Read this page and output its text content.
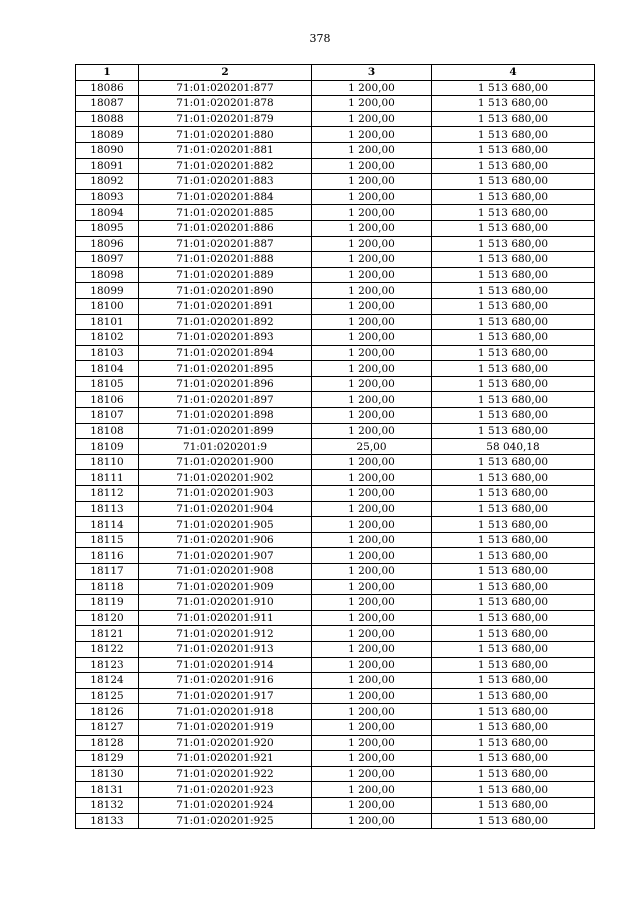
378
1	2	3	4
18086	71:01:020201:877	1 200,00	1 513 680,00
18087	71:01:020201:878	1 200,00	1 513 680,00
18088	71:01:020201:879	1 200,00	1 513 680,00
18089	71:01:020201:880	1 200,00	1 513 680,00
18090	71:01:020201:881	1 200,00	1 513 680,00
18091	71:01:020201:882	1 200,00	1 513 680,00
18092	71:01:020201:883	1 200,00	1 513 680,00
18093	71:01:020201:884	1 200,00	1 513 680,00
18094	71:01:020201:885	1 200,00	1 513 680,00
18095	71:01:020201:886	1 200,00	1 513 680,00
18096	71:01:020201:887	1 200,00	1 513 680,00
18097	71:01:020201:888	1 200,00	1 513 680,00
18098	71:01:020201:889	1 200,00	1 513 680,00
18099	71:01:020201:890	1 200,00	1 513 680,00
18100	71:01:020201:891	1 200,00	1 513 680,00
18101	71:01:020201:892	1 200,00	1 513 680,00
18102	71:01:020201:893	1 200,00	1 513 680,00
18103	71:01:020201:894	1 200,00	1 513 680,00
18104	71:01:020201:895	1 200,00	1 513 680,00
18105	71:01:020201:896	1 200,00	1 513 680,00
18106	71:01:020201:897	1 200,00	1 513 680,00
18107	71:01:020201:898	1 200,00	1 513 680,00
18108	71:01:020201:899	1 200,00	1 513 680,00
18109	71:01:020201:9	25,00	58 040,18
18110	71:01:020201:900	1 200,00	1 513 680,00
18111	71:01:020201:902	1 200,00	1 513 680,00
18112	71:01:020201:903	1 200,00	1 513 680,00
18113	71:01:020201:904	1 200,00	1 513 680,00
18114	71:01:020201:905	1 200,00	1 513 680,00
18115	71:01:020201:906	1 200,00	1 513 680,00
18116	71:01:020201:907	1 200,00	1 513 680,00
18117	71:01:020201:908	1 200,00	1 513 680,00
18118	71:01:020201:909	1 200,00	1 513 680,00
18119	71:01:020201:910	1 200,00	1 513 680,00
18120	71:01:020201:911	1 200,00	1 513 680,00
18121	71:01:020201:912	1 200,00	1 513 680,00
18122	71:01:020201:913	1 200,00	1 513 680,00
18123	71:01:020201:914	1 200,00	1 513 680,00
18124	71:01:020201:916	1 200,00	1 513 680,00
18125	71:01:020201:917	1 200,00	1 513 680,00
18126	71:01:020201:918	1 200,00	1 513 680,00
18127	71:01:020201:919	1 200,00	1 513 680,00
18128	71:01:020201:920	1 200,00	1 513 680,00
18129	71:01:020201:921	1 200,00	1 513 680,00
18130	71:01:020201:922	1 200,00	1 513 680,00
18131	71:01:020201:923	1 200,00	1 513 680,00
18132	71:01:020201:924	1 200,00	1 513 680,00
18133	71:01:020201:925	1 200,00	1 513 680,00
